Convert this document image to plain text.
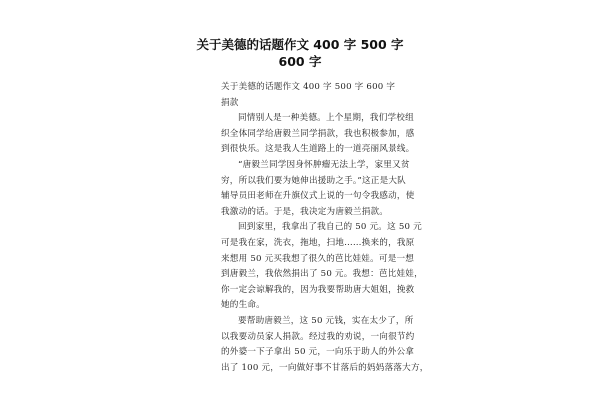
关于美德的话题作文 400 字 500 字
600 字
关于美德的话题作文 400 字 500 字 600 字
捐款
同情别人是一种美德。上个星期，我们学校组
织全体同学给唐毅兰同学捐款，我也积极参加，感
到很快乐。这是我人生道路上的一道亮丽风景线。
“唐毅兰同学因身怀肿瘤无法上学，家里又贫
穷，所以我们要为她伸出援助之手。”这正是大队
辅导员田老师在升旗仪式上说的一句令我感动，使
我激动的话。于是，我决定为唐毅兰捐款。
回到家里，我拿出了我自己的 50 元。这 50 元
可是我在家，洗衣，拖地，扫地……换来的，我原
来想用 50 元买我想了很久的芭比娃娃。可是一想
到唐毅兰，我依然捐出了 50 元。我想：芭比娃娃，
你一定会谅解我的，因为我要帮助唐大姐姐，挽救
她的生命。
要帮助唐毅兰，这 50 元钱，实在太少了，所
以我要动员家人捐款。经过我的劝说，一向很节约
的外婆一下子拿出 50 元，一向乐于助人的外公拿
出了 100 元，一向做好事不甘落后的妈妈落落大方，
